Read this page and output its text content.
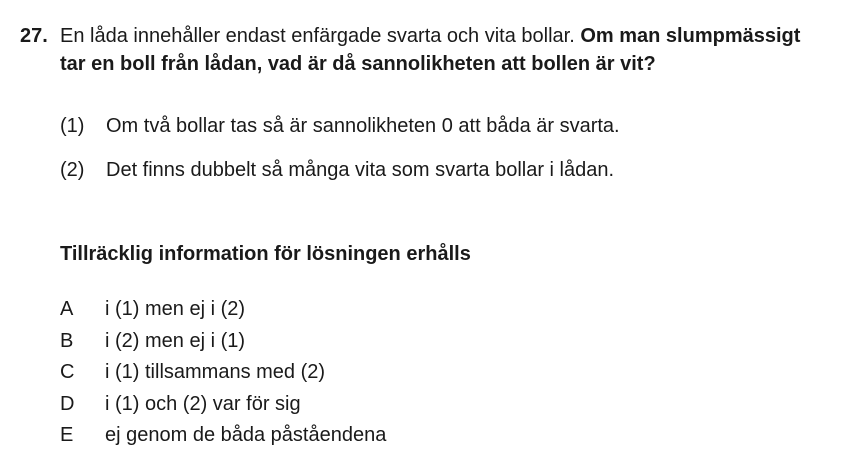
27. En låda innehåller endast enfärgade svarta och vita bollar. Om man slumpmässigt tar en boll från lådan, vad är då sannolikheten att bollen är vit?
(1) Om två bollar tas så är sannolikheten 0 att båda är svarta.
(2) Det finns dubbelt så många vita som svarta bollar i lådan.
Tillräcklig information för lösningen erhålls
A	i (1) men ej i (2)
B	i (2) men ej i (1)
C	i (1) tillsammans med (2)
D	i (1) och (2) var för sig
E	ej genom de båda påståendena
